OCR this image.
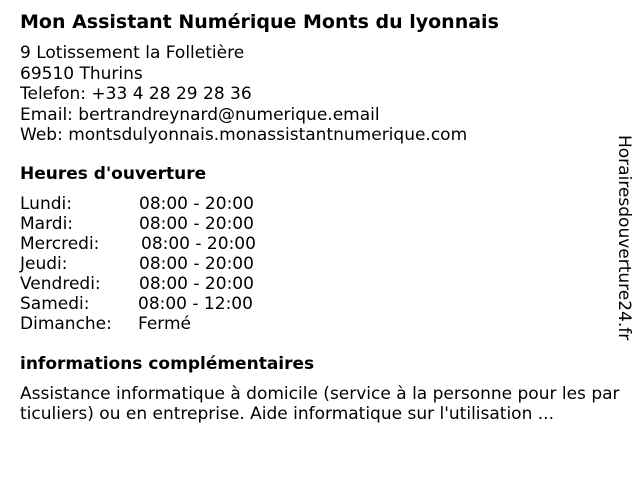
Mon Assistant Numérique Monts du lyonnais
9 Lotissement la Folletière
69510 Thurins
Telefon: +33 4 28 29 28 36
Email: bertrandreynard@numerique.email
Web: montsdulyonnais.monassistantnumerique.com
Heures d'ouverture
Lundi:	08:00 - 20:00
Mardi:	08:00 - 20:00
Mercredi: 08:00 - 20:00
Jeudi:	08:00 - 20:00
Vendredi: 08:00 - 20:00
Samedi:	08:00 - 12:00
Dimanche: Fermé
informations complémentaires
Assistance informatique à domicile (service à la personne pour les par
ticuliers) ou en entreprise. Aide informatique sur l'utilisation ...
Horairesdouverture24.fr
